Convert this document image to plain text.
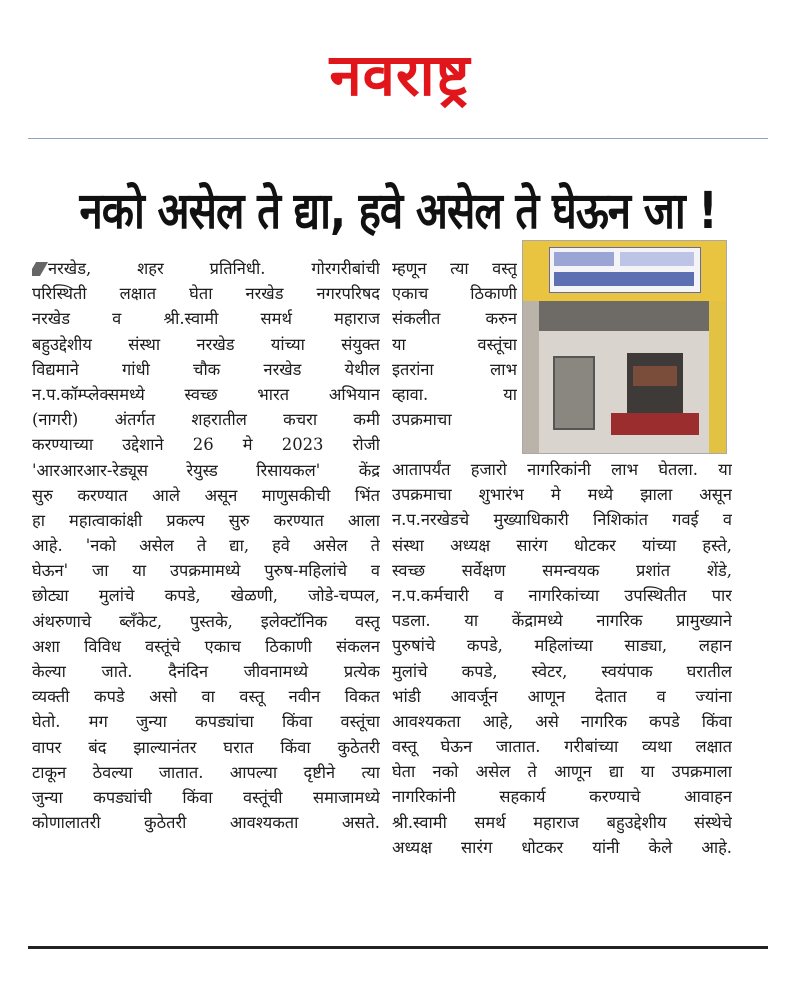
नवराष्ट्र
नको असेल ते द्या, हवे असेल ते घेऊन जा !
नरखेड, शहर प्रतिनिधी. गोरगरीबांची
परिस्थिती लक्षात घेता नरखेड नगरपरिषद
नरखेड व श्री.स्वामी समर्थ महाराज
बहुउद्देशीय संस्था नरखेड यांच्या संयुक्त
विद्यमाने गांधी चौक नरखेड येथील
न.प.कॉम्प्लेक्समध्ये स्वच्छ भारत अभियान
(नागरी) अंतर्गत शहरातील कचरा कमी
करण्याच्या उद्देशाने 26 मे 2023 रोजी
'आरआरआर-रेड्यूस रेयुस्ड रिसायकल' केंद्र
सुरु करण्यात आले असून माणुसकीची भिंत
हा महात्वाकांक्षी प्रकल्प सुरु करण्यात आला
आहे. 'नको असेल ते द्या, हवे असेल ते
घेऊन' जा या उपक्रमामध्ये पुरुष-महिलांचे व
छोट्या मुलांचे कपडे, खेळणी, जोडे-चप्पल,
अंथरुणाचे ब्लॅंकेट, पुस्तके, इलेक्टॉनिक वस्तू
अशा विविध वस्तूंचे एकाच ठिकाणी संकलन
केल्या जाते. दैनंदिन जीवनामध्ये प्रत्येक
व्यक्ती कपडे असो वा वस्तू नवीन विकत
घेतो. मग जुन्या कपड्यांचा किंवा वस्तूंचा
वापर बंद झाल्यानंतर घरात किंवा कुठेतरी
टाकून ठेवल्या जातात. आपल्या दृष्टीने त्या
जुन्या कपड्यांची किंवा वस्तूंची समाजामध्ये
कोणालातरी कुठेतरी आवश्यकता असते.
म्हणून त्या वस्तू
एकाच ठिकाणी
संकलीत करुन
या वस्तूंचा
इतरांना लाभ
व्हावा. या
उपक्रमाचा
आतापर्यंत हजारो नागरिकांनी लाभ घेतला. या
उपक्रमाचा शुभारंभ मे मध्ये झाला असून
न.प.नरखेडचे मुख्याधिकारी निशिकांत गवई व
संस्था अध्यक्ष सारंग धोटकर यांच्या हस्ते,
स्वच्छ सर्वेक्षण समन्वयक प्रशांत शेंडे,
न.प.कर्मचारी व नागरिकांच्या उपस्थितीत पार
पडला. या केंद्रामध्ये नागरिक प्रामुख्याने
पुरुषांचे कपडे, महिलांच्या साड्या, लहान
मुलांचे कपडे, स्वेटर, स्वयंपाक घरातील
भांडी आवर्जून आणून देतात व ज्यांना
आवश्यकता आहे, असे नागरिक कपडे किंवा
वस्तू घेऊन जातात. गरीबांच्या व्यथा लक्षात
घेता नको असेल ते आणून द्या या उपक्रमाला
नागरिकांनी सहकार्य करण्याचे आवाहन
श्री.स्वामी समर्थ महाराज बहुउद्देशीय संस्थेचे
अध्यक्ष सारंग धोटकर यांनी केले आहे.
